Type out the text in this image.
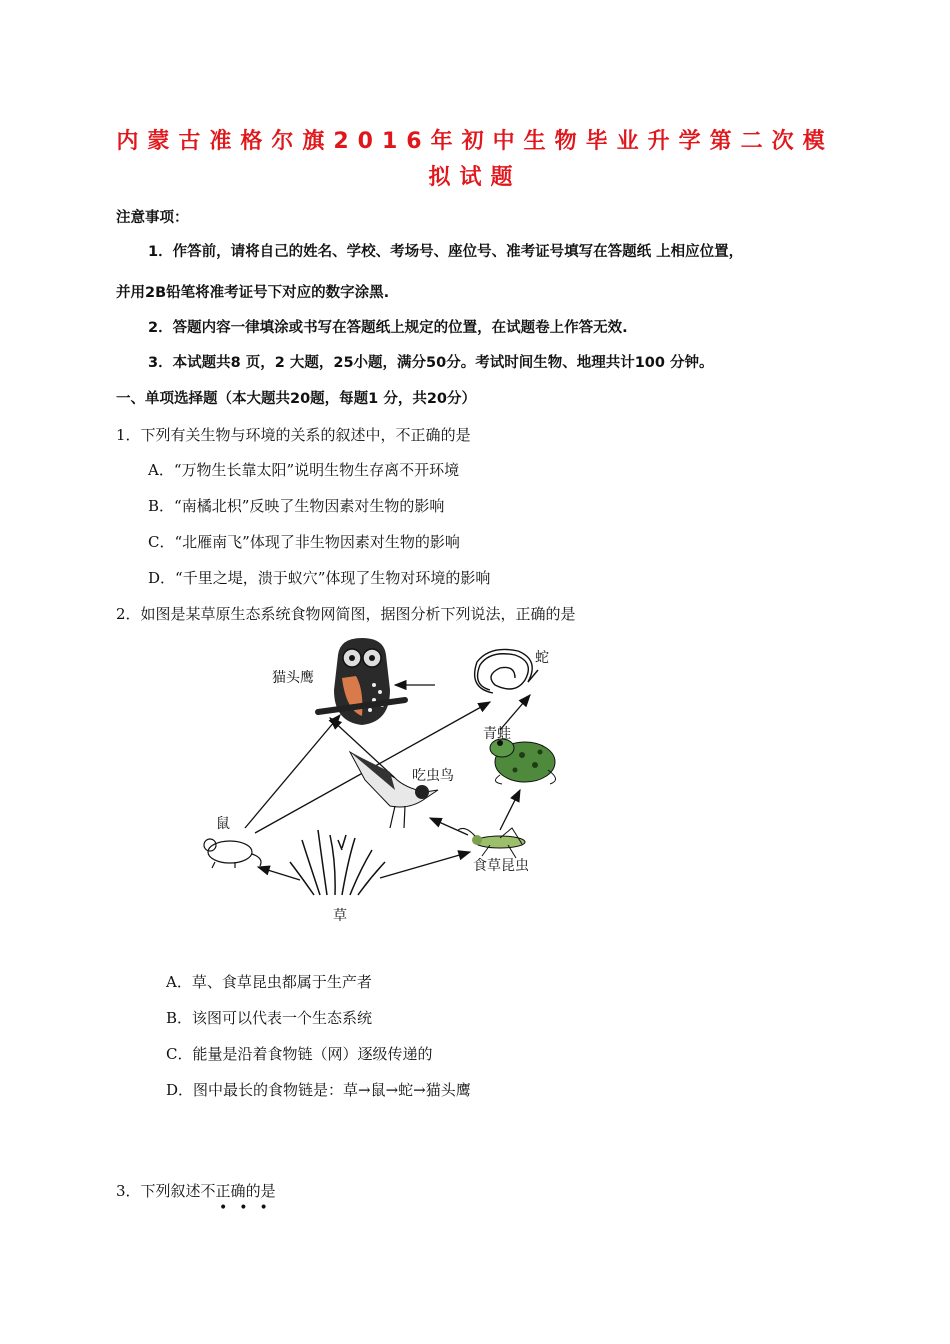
内蒙古准格尔旗2016年初中生物毕业升学第二次模
拟试题
注意事项：
1．作答前，请将自己的姓名、学校、考场号、座位号、准考证号填写在答题纸 上相应位置，
并用2B铅笔将准考证号下对应的数字涂黑.
2．答题内容一律填涂或书写在答题纸上规定的位置，在试题卷上作答无效.
3．本试题共8 页，2 大题，25小题，满分50分。考试时间生物、地理共计100 分钟。
一、单项选择题（本大题共20题，每题1 分，共20分）
1．下列有关生物与环境的关系的叙述中，不正确的是
A．“万物生长靠太阳”说明生物生存离不开环境
B．“南橘北枳”反映了生物因素对生物的影响
C．“北雁南飞”体现了非生物因素对生物的影响
D．“千里之堤，溃于蚁穴”体现了生物对环境的影响
2．如图是某草原生态系统食物网简图，据图分析下列说法，正确的是
猫头鹰
蛇
青蛙
吃虫鸟
鼠
食草昆虫
草
A．草、食草昆虫都属于生产者
B．该图可以代表一个生态系统
C．能量是沿着食物链（网）逐级传递的
D．图中最长的食物链是：草→鼠→蛇→猫头鹰
3．下列叙述不正确的是
•••
